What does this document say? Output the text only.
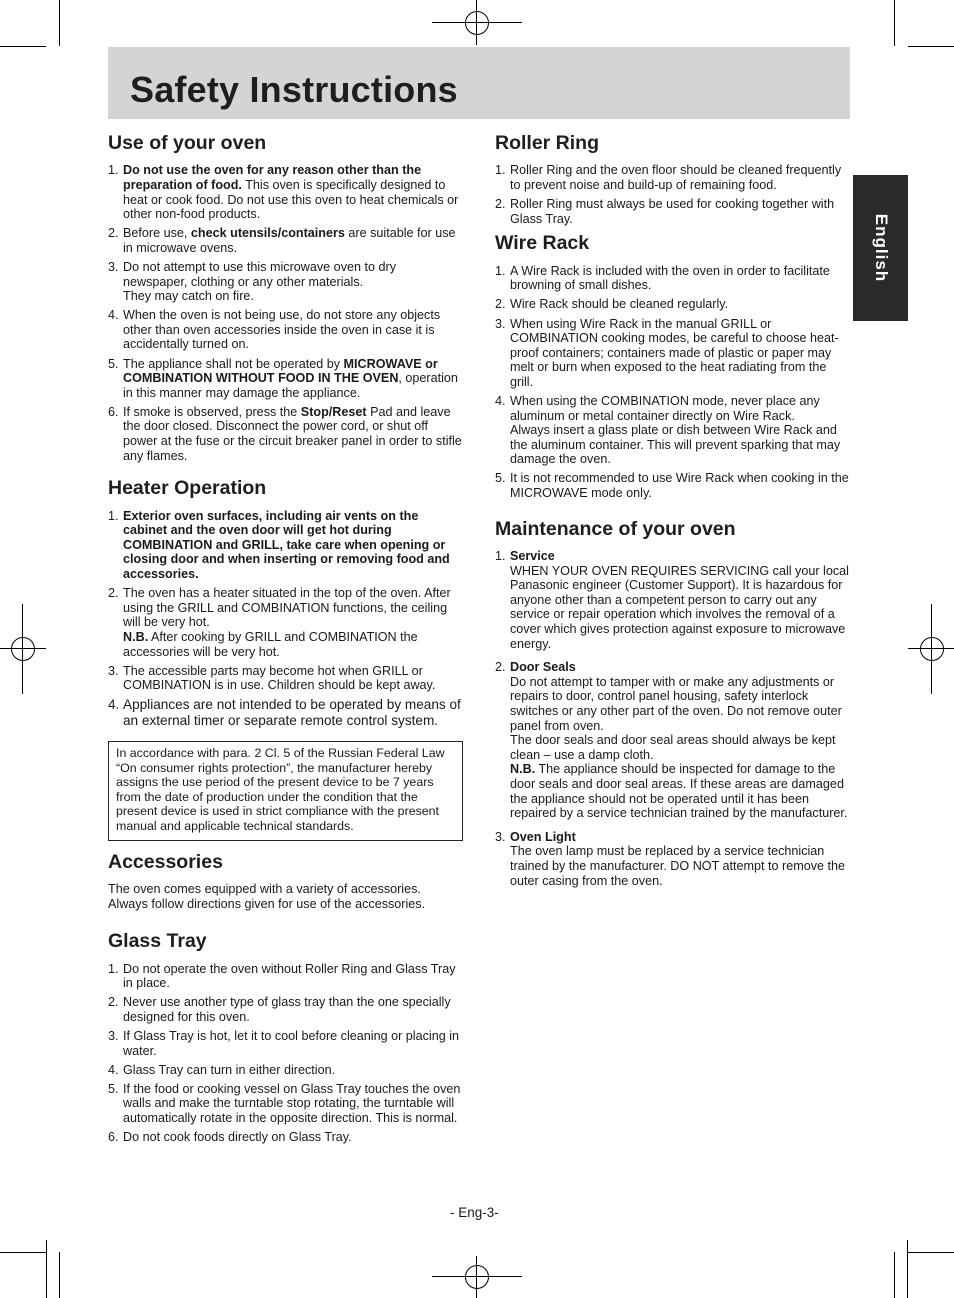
Safety Instructions
English
Use of your oven
1. Do not use the oven for any reason other than the preparation of food. This oven is specifically designed to heat or cook food. Do not use this oven to heat chemicals or other non-food products.
2. Before use, check utensils/containers are suitable for use in microwave ovens.
3. Do not attempt to use this microwave oven to dry newspaper, clothing or any other materials.
They may catch on fire.
4. When the oven is not being use, do not store any objects other than oven accessories inside the oven in case it is accidentally turned on.
5. The appliance shall not be operated by MICROWAVE or COMBINATION WITHOUT FOOD IN THE OVEN, operation in this manner may damage the appliance.
6. If smoke is observed, press the Stop/Reset Pad and leave the door closed. Disconnect the power cord, or shut off power at the fuse or the circuit breaker panel in order to stifle any flames.
Heater Operation
1. Exterior oven surfaces, including air vents on the cabinet and the oven door will get hot during COMBINATION and GRILL, take care when opening or closing door and when inserting or removing food and accessories.
2. The oven has a heater situated in the top of the oven. After using the GRILL and COMBINATION functions, the ceiling will be very hot.
N.B. After cooking by GRILL and COMBINATION the accessories will be very hot.
3. The accessible parts may become hot when GRILL or COMBINATION is in use. Children should be kept away.
4. Appliances are not intended to be operated by means of an external timer or separate remote control system.
In accordance with para. 2 Cl. 5 of the Russian Federal Law “On consumer rights protection”, the manufacturer hereby assigns the use period of the present device to be 7 years from the date of production under the condition that the present device is used in strict compliance with the present manual and applicable technical standards.
Accessories

The oven comes equipped with a variety of accessories. Always follow directions given for use of the accessories.

Glass Tray
1. Do not operate the oven without Roller Ring and Glass Tray in place.
2. Never use another type of glass tray than the one specially designed for this oven.
3. If Glass Tray is hot, let it to cool before cleaning or placing in water.
4. Glass Tray can turn in either direction.
5. If the food or cooking vessel on Glass Tray touches the oven walls and make the turntable stop rotating, the turntable will automatically rotate in the opposite direction. This is normal.
6. Do not cook foods directly on Glass Tray.
Roller Ring
1. Roller Ring and the oven floor should be cleaned frequently to prevent noise and build-up of remaining food.
2. Roller Ring must always be used for cooking together with Glass Tray.
Wire Rack
1. A Wire Rack is included with the oven in order to facilitate browning of small dishes.
2. Wire Rack should be cleaned regularly.
3. When using Wire Rack in the manual GRILL or COMBINATION cooking modes, be careful to choose heat-proof containers; containers made of plastic or paper may melt or burn when exposed to the heat radiating from the grill.
4. When using the COMBINATION mode, never place any aluminum or metal container directly on Wire Rack.
Always insert a glass plate or dish between Wire Rack and the aluminum container. This will prevent sparking that may damage the oven.
5. It is not recommended to use Wire Rack when cooking in the MICROWAVE mode only.
Maintenance of your oven
1. Service
WHEN YOUR OVEN REQUIRES SERVICING call your local Panasonic engineer (Customer Support). It is hazardous for anyone other than a competent person to carry out any service or repair operation which involves the removal of a cover which gives protection against exposure to microwave energy.
2. Door Seals
Do not attempt to tamper with or make any adjustments or repairs to door, control panel housing, safety interlock switches or any other part of the oven. Do not remove outer panel from oven.
The door seals and door seal areas should always be kept clean – use a damp cloth.
N.B. The appliance should be inspected for damage to the door seals and door seal areas. If these areas are damaged the appliance should not be operated until it has been repaired by a service technician trained by the manufacturer.
3. Oven Light
The oven lamp must be replaced by a service technician trained by the manufacturer. DO NOT attempt to remove the outer casing from the oven.
- Eng-3-
